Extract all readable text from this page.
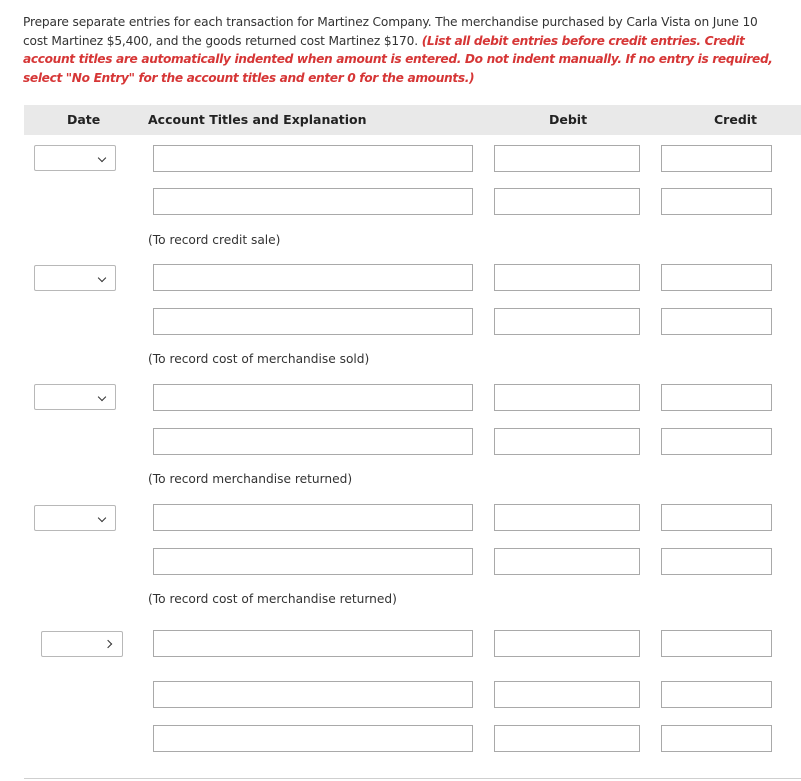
Prepare separate entries for each transaction for Martinez Company. The merchandise purchased by Carla Vista on June 10 cost Martinez $5,400, and the goods returned cost Martinez $170. (List all debit entries before credit entries. Credit account titles are automatically indented when amount is entered. Do not indent manually. If no entry is required, select "No Entry" for the account titles and enter 0 for the amounts.)
Date	Account Titles and Explanation	Debit	Credit
(To record credit sale)
(To record cost of merchandise sold)
(To record merchandise returned)
(To record cost of merchandise returned)
